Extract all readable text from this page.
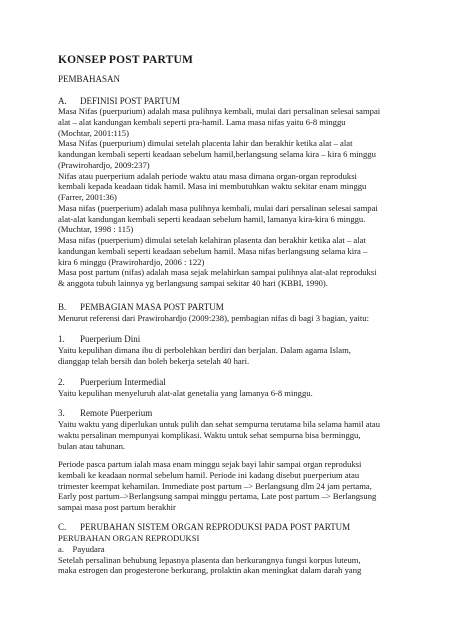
KONSEP POST PARTUM
PEMBAHASAN
A. DEFINISI POST PARTUM
Masa Nifas (puerpurium) adalah masa pulihnya kembali, mulai dari persalinan selesai sampai
alat – alat kandungan kembali seperti pra-hamil. Lama masa nifas yaitu 6-8 minggu
(Mochtar, 2001:115)
Masa Nifas (puerpurium) dimulai setelah placenta lahir dan berakhir ketika alat – alat
kandungan kembali seperti keadaan sebelum hamil,berlangsung selama kira – kira 6 minggu
(Prawirohardjo, 2009:237)
Nifas atau puerperium adalah periode waktu atau masa dimana organ-organ reproduksi
kembali kepada keadaan tidak hamil. Masa ini membutuhkan waktu sekitar enam minggu
(Farrer, 2001:36)
Masa nifas (puerperium) adalah masa pulihnya kembali, mulai dari persalinan selesai sampai
alat-alat kandungan kembali seperti keadaan sebelum hamil, lamanya kira-kira 6 minggu.
(Muchtar, 1998 : 115)
Masa nifas (puerperium) dimulai setelah kelahiran plasenta dan berakhir ketika alat – alat
kandungan kembali seperti keadaan sebelum hamil. Masa nifas berlangsung selama kira –
kira 6 minggu (Prawirohardjo, 2006 : 122)
Masa post partum (nifas) adalah masa sejak melahirkan sampai pulihnya alat-alat reproduksi
& anggota tubuh lainnya yg berlangsung sampai sekitar 40 hari (KBBI, 1990).
B. PEMBAGIAN MASA POST PARTUM
Menurut referensi dari Prawirohardjo (2009:238), pembagian nifas di bagi 3 bagian, yaitu:
1. Puerperium Dini
Yaitu kepulihan dimana ibu di perbolehkan berdiri dan berjalan. Dalam agama Islam,
dianggap telah bersih dan boleh bekerja setelah 40 hari.
2. Puerperium Intermedial
Yaitu kepulihan menyeluruh alat-alat genetalia yang lamanya 6-8 minggu.
3. Remote Puerperium
Yaitu waktu yang diperlukan untuk pulih dan sehat sempurna terutama bila selama hamil atau
waktu persalinan mempunyai komplikasi. Waktu untuk sehat sempurna bisa berminggu,
bulan atau tahunan.
Periode pasca partum ialah masa enam minggu sejak bayi lahir sampai organ reproduksi
kembali ke keadaan normal sebelum hamil. Periode ini kadang disebut puerperium atau
trimester keempat kehamilan. Immediate post partum –> Berlangsung dlm 24 jam pertama,
Early post partum–>Berlangsung sampai minggu pertama, Late post partum –> Berlangsung
sampai masa post partum berakhir
C. PERUBAHAN SISTEM ORGAN REPRODUKSI PADA POST PARTUM
PERUBAHAN ORGAN REPRODUKSI
a.    Payudara
Setelah persalinan behubung lepasnya plasenta dan berkurangnya fungsi korpus luteum,
maka estrogen dan progesterone berkurang, prolaktin akan meningkat dalam darah yang
